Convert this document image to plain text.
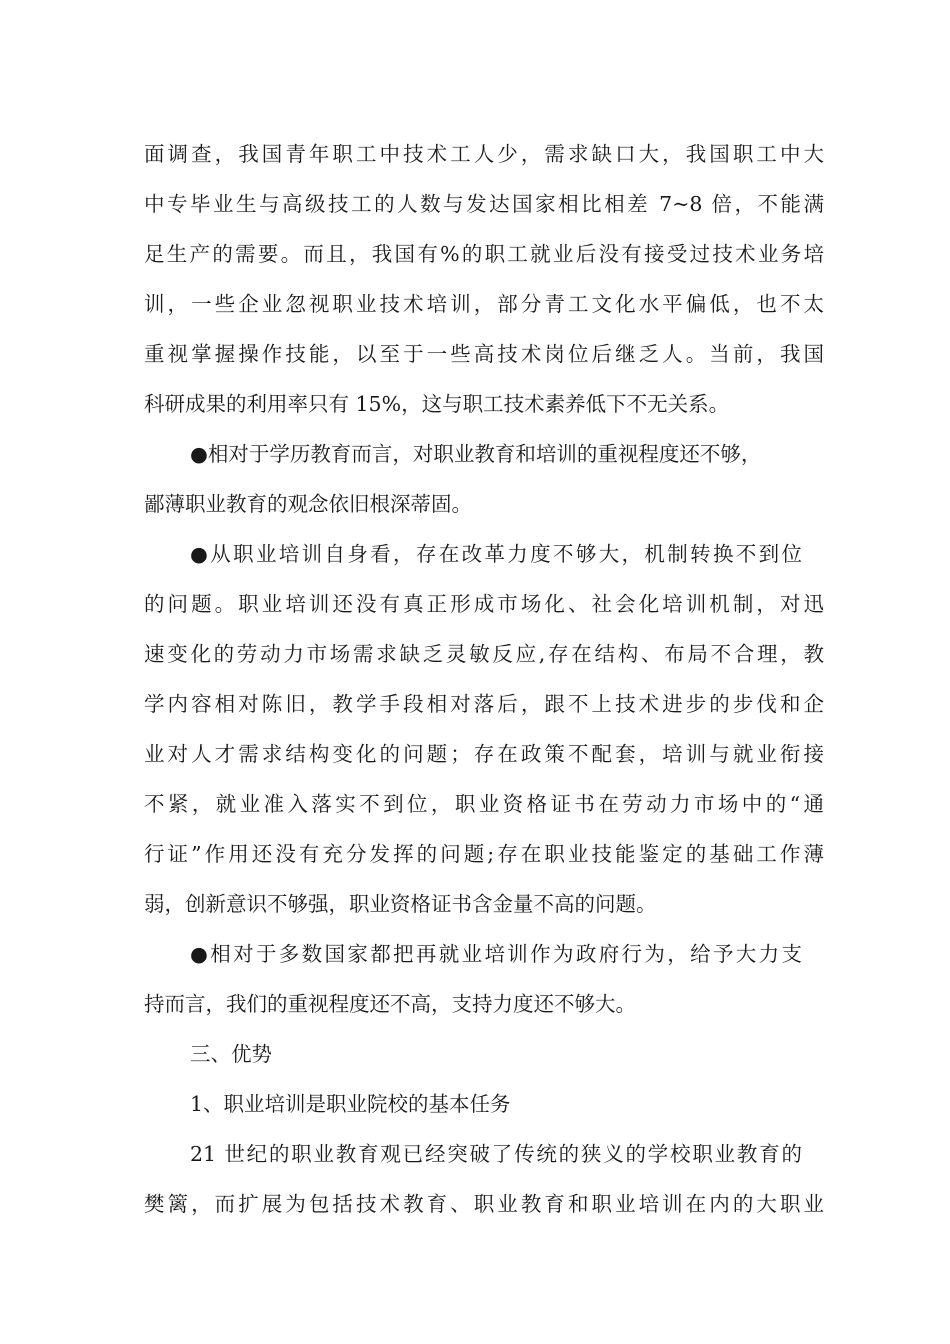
面调查，我国青年职工中技术工人少，需求缺口大，我国职工中大
中专毕业生与高级技工的人数与发达国家相比相差 7~8 倍，不能满
足生产的需要。而且，我国有%的职工就业后没有接受过技术业务培
训，一些企业忽视职业技术培训，部分青工文化水平偏低，也不太
重视掌握操作技能，以至于一些高技术岗位后继乏人。当前，我国
科研成果的利用率只有 15%，这与职工技术素养低下不无关系。
●相对于学历教育而言，对职业教育和培训的重视程度还不够，
鄙薄职业教育的观念依旧根深蒂固。
●从职业培训自身看，存在改革力度不够大，机制转换不到位
的问题。职业培训还没有真正形成市场化、社会化培训机制，对迅
速变化的劳动力市场需求缺乏灵敏反应,存在结构、布局不合理，教
学内容相对陈旧，教学手段相对落后，跟不上技术进步的步伐和企
业对人才需求结构变化的问题；存在政策不配套，培训与就业衔接
不紧，就业准入落实不到位，职业资格证书在劳动力市场中的“通
行证”作用还没有充分发挥的问题;存在职业技能鉴定的基础工作薄
弱，创新意识不够强，职业资格证书含金量不高的问题。
●相对于多数国家都把再就业培训作为政府行为，给予大力支
持而言，我们的重视程度还不高，支持力度还不够大。
三、优势
1、职业培训是职业院校的基本任务
21 世纪的职业教育观已经突破了传统的狭义的学校职业教育的
樊篱，而扩展为包括技术教育、职业教育和职业培训在内的大职业
